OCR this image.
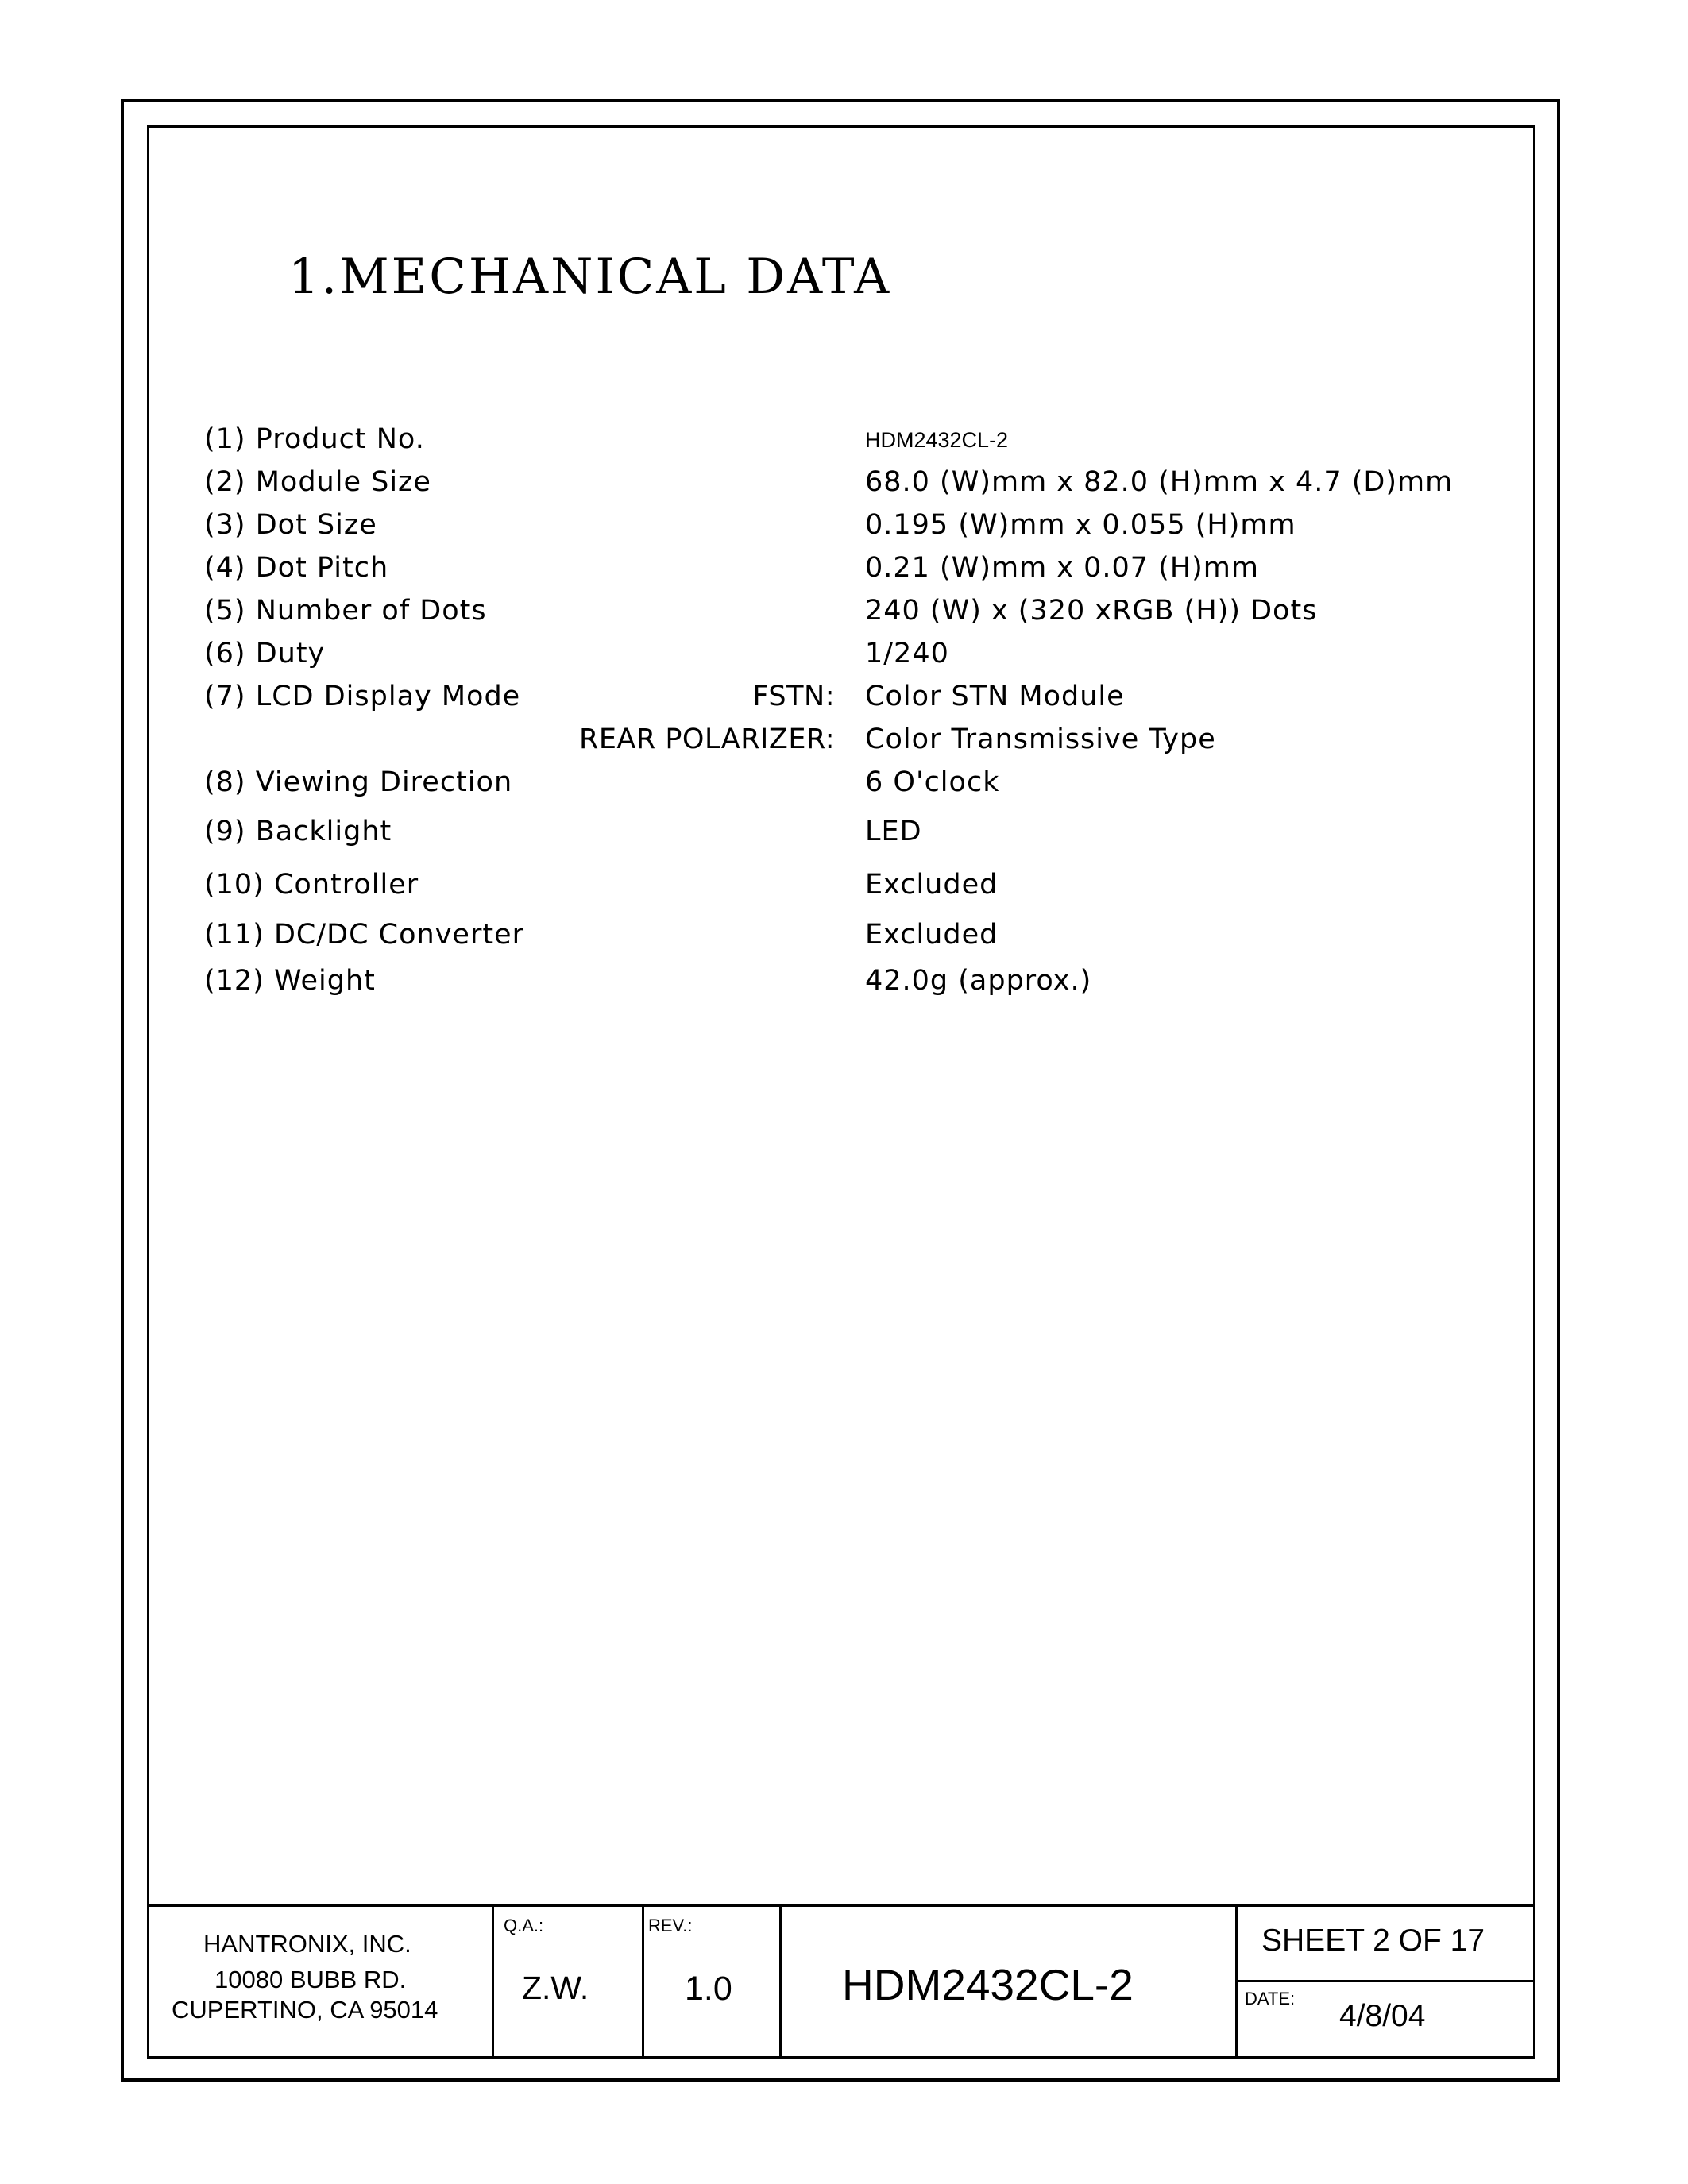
1.MECHANICAL DATA
(1) Product No.	HDM2432CL-2
(2) Module Size	68.0 (W)mm x 82.0 (H)mm x 4.7 (D)mm
(3) Dot Size	0.195 (W)mm x 0.055 (H)mm
(4) Dot Pitch	0.21 (W)mm x 0.07 (H)mm
(5) Number of Dots	240 (W) x (320 xRGB (H)) Dots
(6) Duty	1/240
(7) LCD Display Mode	FSTN: Color STN Module
REAR POLARIZER: Color Transmissive Type
(8) Viewing Direction	6 O'clock
(9) Backlight	LED
(10) Controller	Excluded
(11) DC/DC Converter	Excluded
(12) Weight	42.0g (approx.)
HANTRONIX, INC.
10080 BUBB RD.
CUPERTINO, CA 95014
Q.A.:
Z.W.
REV.:
1.0	HDM2432CL-2
SHEET 2 OF 17
DATE:
4/8/04
